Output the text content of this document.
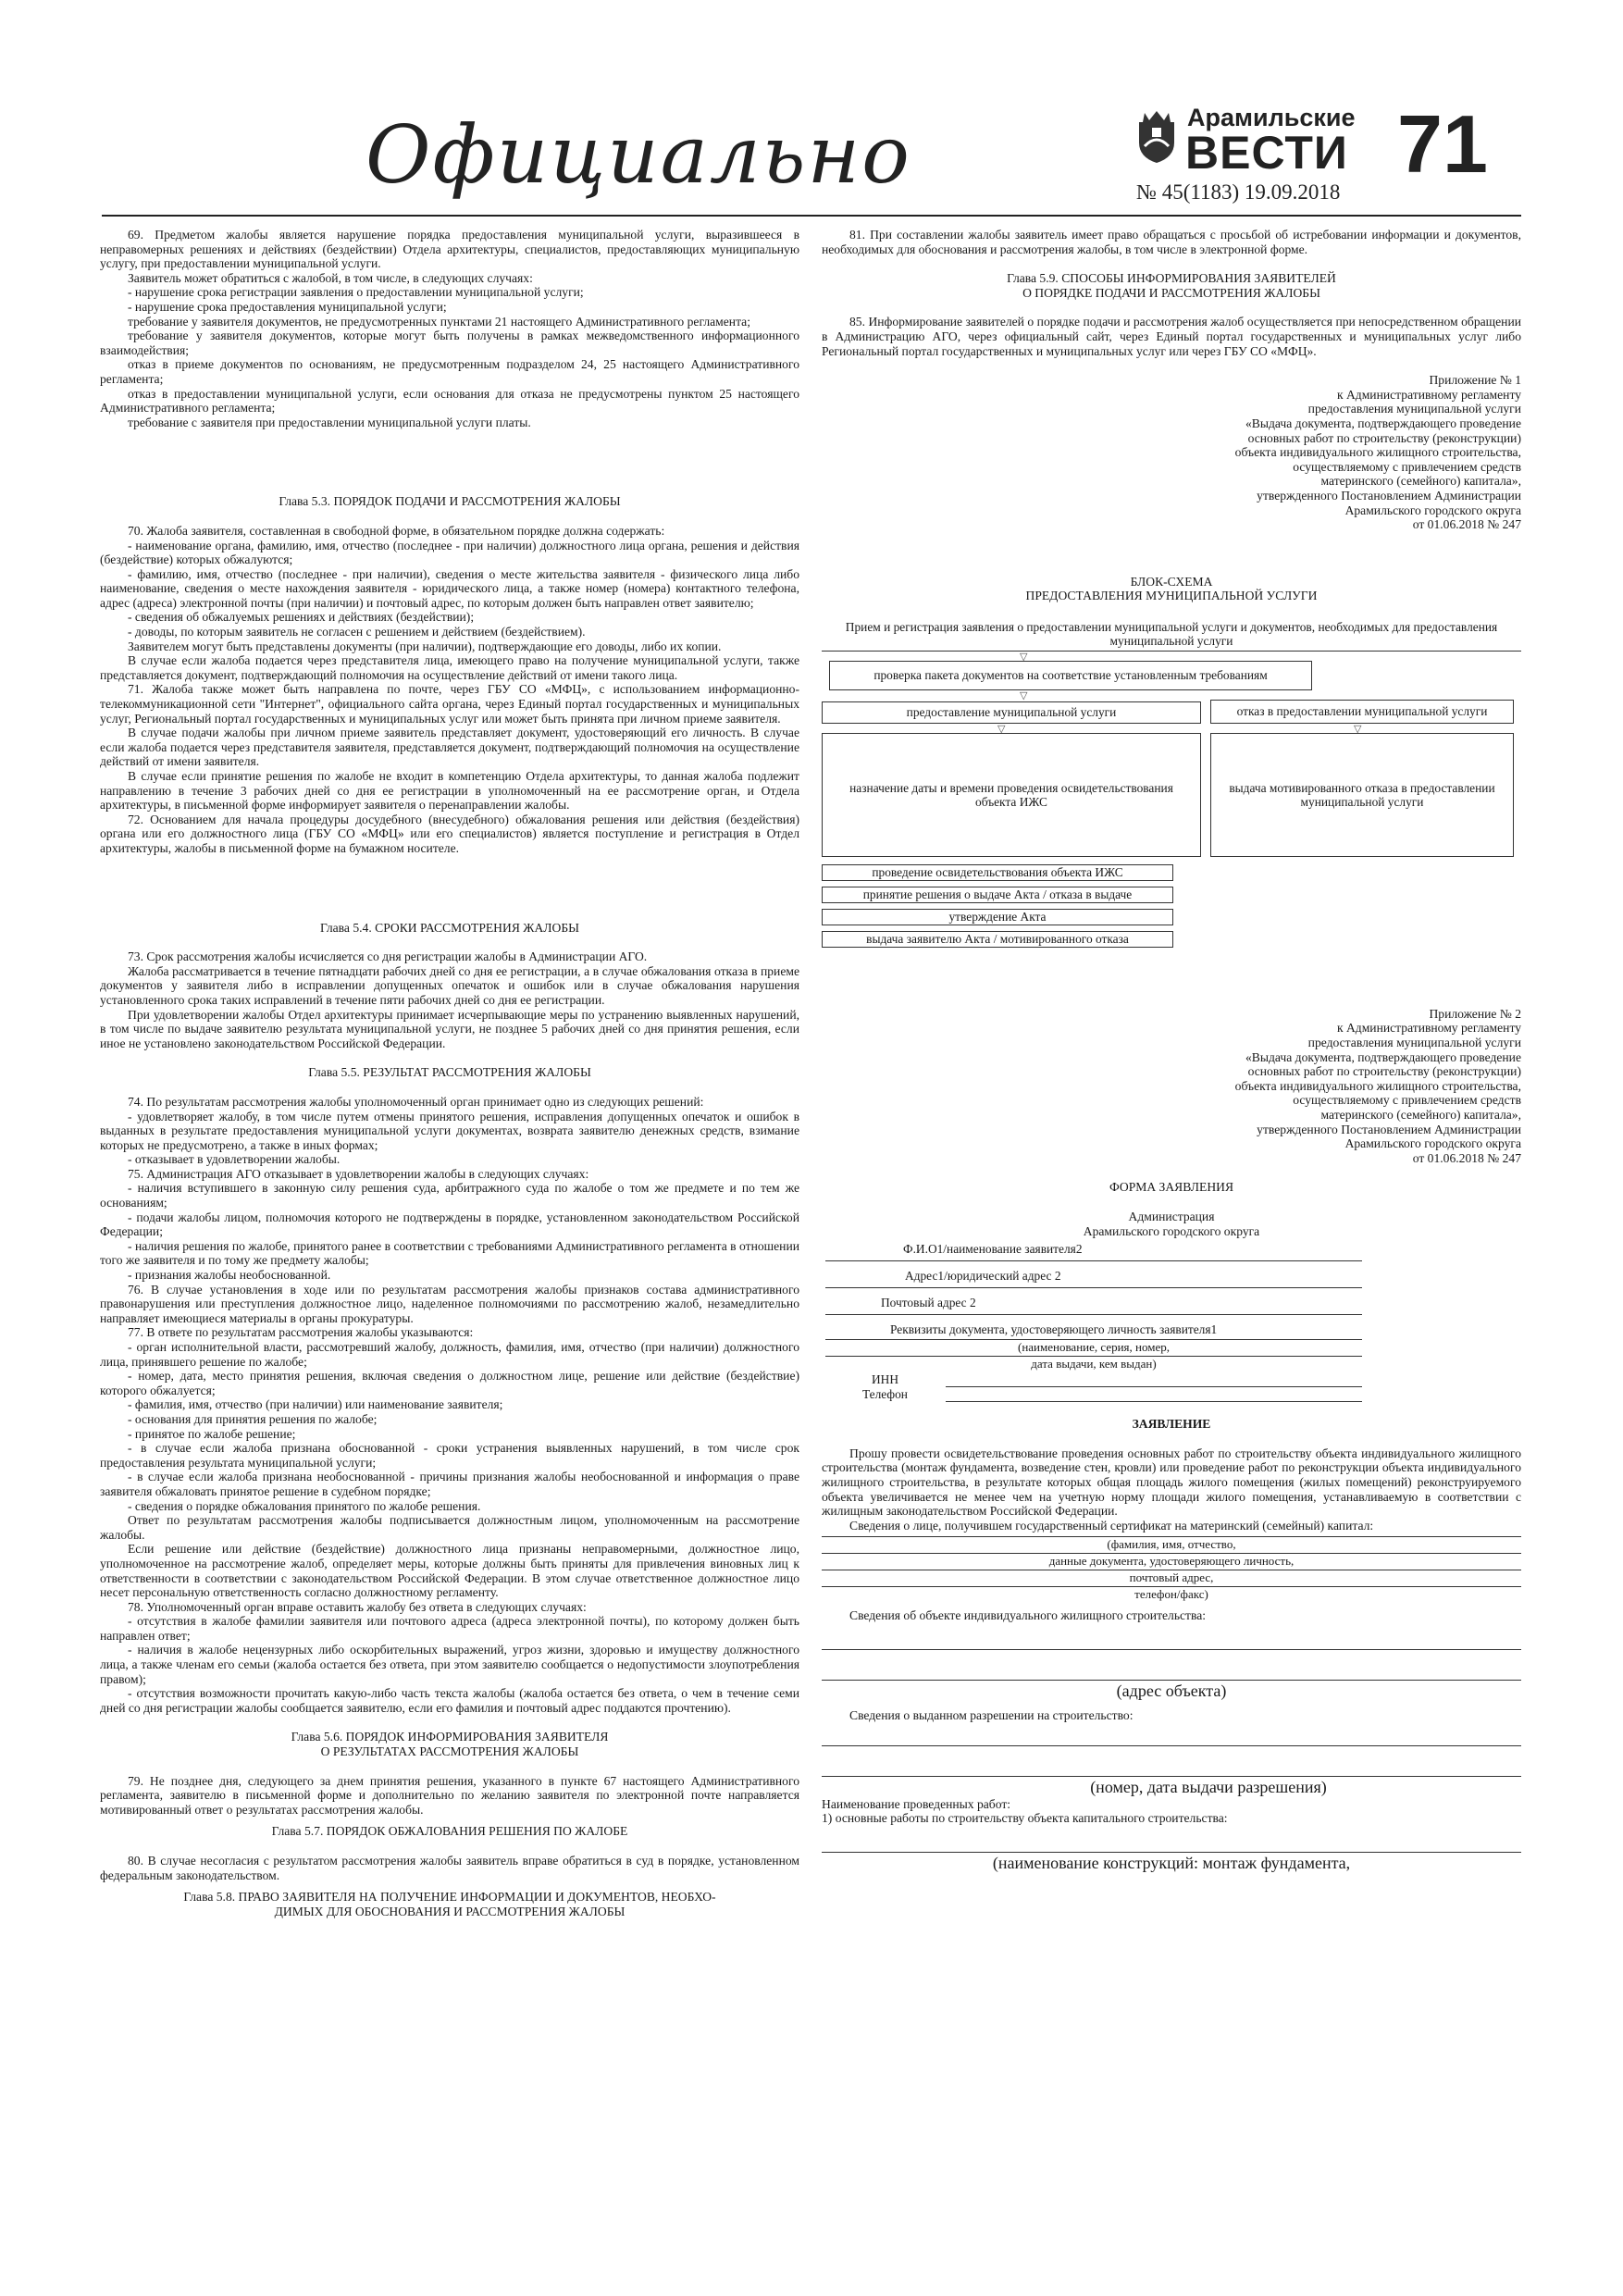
Официально	Арамильские
ВЕСТИ 71
№ 45(1183) 19.09.2018

69. Предметом жалобы является нарушение порядка предоставления муниципальной услуги, выразившееся в неправомерных решениях и действиях (бездействии) Отдела архитектуры, специалистов, предоставляющих муниципальную услугу, при предоставлении муниципальной услуги.

Заявитель может обратиться с жалобой, в том числе, в следующих случаях:

- нарушение срока регистрации заявления о предоставлении муниципальной услуги;

- нарушение срока предоставления муниципальной услуги;

требование у заявителя документов, не предусмотренных пунктами 21 настоящего Административного регламента;

требование у заявителя документов, которые могут быть получены в рамках межведомственного информационного взаимодействия;

отказ в приеме документов по основаниям, не предусмотренным подразделом 24, 25 настоящего Административного регламента;

отказ в предоставлении муниципальной услуги, если основания для отказа не предусмотрены пунктом 25 настоящего Административного регламента;

требование с заявителя при предоставлении муниципальной услуги платы.

Глава 5.3. ПОРЯДОК ПОДАЧИ И РАССМОТРЕНИЯ ЖАЛОБЫ

70. Жалоба заявителя, составленная в свободной форме, в обязательном порядке должна содержать:

- наименование органа, фамилию, имя, отчество (последнее - при наличии) должностного лица органа, решения и действия (бездействие) которых обжалуются;

- фамилию, имя, отчество (последнее - при наличии), сведения о месте жительства заявителя - физического лица либо наименование, сведения о месте нахождения заявителя - юридического лица, а также номер (номера) контактного телефона, адрес (адреса) электронной почты (при наличии) и почтовый адрес, по которым должен быть направлен ответ заявителю;

- сведения об обжалуемых решениях и действиях (бездействии);

- доводы, по которым заявитель не согласен с решением и действием (бездействием).

Заявителем могут быть представлены документы (при наличии), подтверждающие его доводы, либо их копии.

В случае если жалоба подается через представителя лица, имеющего право на получение муниципальной услуги, также представляется документ, подтверждающий полномочия на осуществление действий от имени такого лица.

71. Жалоба также может быть направлена по почте, через ГБУ СО «МФЦ», с использованием информационно-телекоммуникационной сети "Интернет", официального сайта органа, через Единый портал государственных и муниципальных услуг, Региональный портал государственных и муниципальных услуг или может быть принята при личном приеме заявителя.

В случае подачи жалобы при личном приеме заявитель представляет документ, удостоверяющий его личность. В случае если жалоба подается через представителя заявителя, представляется документ, подтверждающий полномочия на осуществление действий от имени заявителя.

В случае если принятие решения по жалобе не входит в компетенцию Отдела архитектуры, то данная жалоба подлежит направлению в течение 3 рабочих дней со дня ее регистрации в уполномоченный на ее рассмотрение орган, и Отдела архитектуры, в письменной форме информирует заявителя о перенаправлении жалобы.

72. Основанием для начала процедуры досудебного (внесудебного) обжалования решения или действия (бездействия) органа или его должностного лица (ГБУ СО «МФЦ» или его специалистов) является поступление и регистрация в Отдел архитектуры, жалобы в письменной форме на бумажном носителе.

Глава 5.4. СРОКИ РАССМОТРЕНИЯ ЖАЛОБЫ

73. Срок рассмотрения жалобы исчисляется со дня регистрации жалобы в Администрации АГО.

Жалоба рассматривается в течение пятнадцати рабочих дней со дня ее регистрации, а в случае обжалования отказа в приеме документов у заявителя либо в исправлении допущенных опечаток и ошибок или в случае обжалования нарушения установленного срока таких исправлений в течение пяти рабочих дней со дня ее регистрации.

При удовлетворении жалобы Отдел архитектуры принимает исчерпывающие меры по устранению выявленных нарушений, в том числе по выдаче заявителю результата муниципальной услуги, не позднее 5 рабочих дней со дня принятия решения, если иное не установлено законодательством Российской Федерации.

Глава 5.5. РЕЗУЛЬТАТ РАССМОТРЕНИЯ ЖАЛОБЫ

74. По результатам рассмотрения жалобы уполномоченный орган принимает одно из следующих решений:

- удовлетворяет жалобу, в том числе путем отмены принятого решения, исправления допущенных опечаток и ошибок в выданных в результате предоставления муниципальной услуги документах, возврата заявителю денежных средств, взимание которых не предусмотрено, а также в иных формах;

- отказывает в удовлетворении жалобы.

75. Администрация АГО отказывает в удовлетворении жалобы в следующих случаях:

- наличия вступившего в законную силу решения суда, арбитражного суда по жалобе о том же предмете и по тем же основаниям;

- подачи жалобы лицом, полномочия которого не подтверждены в порядке, установленном законодательством Российской Федерации;

- наличия решения по жалобе, принятого ранее в соответствии с требованиями Административного регламента в отношении того же заявителя и по тому же предмету жалобы;

- признания жалобы необоснованной.

76. В случае установления в ходе или по результатам рассмотрения жалобы признаков состава административного правонарушения или преступления должностное лицо, наделенное полномочиями по рассмотрению жалоб, незамедлительно направляет имеющиеся материалы в органы прокуратуры.

77. В ответе по результатам рассмотрения жалобы указываются:

- орган исполнительной власти, рассмотревший жалобу, должность, фамилия, имя, отчество (при наличии) должностного лица, принявшего решение по жалобе;

- номер, дата, место принятия решения, включая сведения о должностном лице, решение или действие (бездействие) которого обжалуется;

- фамилия, имя, отчество (при наличии) или наименование заявителя;

- основания для принятия решения по жалобе;

- принятое по жалобе решение;

- в случае если жалоба признана обоснованной - сроки устранения выявленных нарушений, в том числе срок предоставления результата муниципальной услуги;

- в случае если жалоба признана необоснованной - причины признания жалобы необоснованной и информация о праве заявителя обжаловать принятое решение в судебном порядке;

- сведения о порядке обжалования принятого по жалобе решения.

Ответ по результатам рассмотрения жалобы подписывается должностным лицом, уполномоченным на рассмотрение жалобы.

Если решение или действие (бездействие) должностного лица признаны неправомерными, должностное лицо, уполномоченное на рассмотрение жалоб, определяет меры, которые должны быть приняты для привлечения виновных лиц к ответственности в соответствии с законодательством Российской Федерации. В этом случае ответственное должностное лицо несет персональную ответственность согласно должностному регламенту.

78. Уполномоченный орган вправе оставить жалобу без ответа в следующих случаях:

- отсутствия в жалобе фамилии заявителя или почтового адреса (адреса электронной почты), по которому должен быть направлен ответ;

- наличия в жалобе нецензурных либо оскорбительных выражений, угроз жизни, здоровью и имуществу должностного лица, а также членам его семьи (жалоба остается без ответа, при этом заявителю сообщается о недопустимости злоупотребления правом);

- отсутствия возможности прочитать какую-либо часть текста жалобы (жалоба остается без ответа, о чем в течение семи дней со дня регистрации жалобы сообщается заявителю, если его фамилия и почтовый адрес поддаются прочтению).

Глава 5.6. ПОРЯДОК ИНФОРМИРОВАНИЯ ЗАЯВИТЕЛЯ

О РЕЗУЛЬТАТАХ РАССМОТРЕНИЯ ЖАЛОБЫ

79. Не позднее дня, следующего за днем принятия решения, указанного в пункте 67 настоящего Административного регламента, заявителю в письменной форме и дополнительно по желанию заявителя по электронной почте направляется мотивированный ответ о результатах рассмотрения жалобы.

Глава 5.7. ПОРЯДОК ОБЖАЛОВАНИЯ РЕШЕНИЯ ПО ЖАЛОБЕ

80. В случае несогласия с результатом рассмотрения жалобы заявитель вправе обратиться в суд в порядке, установленном федеральным законодательством.

Глава 5.8. ПРАВО ЗАЯВИТЕЛЯ НА ПОЛУЧЕНИЕ ИНФОРМАЦИИ И ДОКУМЕНТОВ, НЕОБХО-

ДИМЫХ ДЛЯ ОБОСНОВАНИЯ И РАССМОТРЕНИЯ ЖАЛОБЫ

81. При составлении жалобы заявитель имеет право обращаться с просьбой об истребовании информации и документов, необходимых для обоснования и рассмотрения жалобы, в том числе в электронной форме.

Глава 5.9. СПОСОБЫ ИНФОРМИРОВАНИЯ ЗАЯВИТЕЛЕЙ

О ПОРЯДКЕ ПОДАЧИ И РАССМОТРЕНИЯ ЖАЛОБЫ

85. Информирование заявителей о порядке подачи и рассмотрения жалоб осуществляется при непосредственном обращении в Администрацию АГО, через официальный сайт, через Единый портал государственных и муниципальных услуг либо Региональный портал государственных и муниципальных услуг или через ГБУ СО «МФЦ».

Приложение № 1

к Административному регламенту

предоставления муниципальной услуги

«Выдача документа, подтверждающего проведение

основных работ по строительству (реконструкции)

объекта индивидуального жилищного строительства,

осуществляемому с привлечением средств

материнского (семейного) капитала»,

утвержденного Постановлением Администрации

Арамильского городского округа

от 01.06.2018 № 247

БЛОК-СХЕМА

ПРЕДОСТАВЛЕНИЯ МУНИЦИПАЛЬНОЙ УСЛУГИ

Прием и регистрация заявления о предоставлении муниципальной услуги и документов, необходимых для предоставления муниципальной услуги
▽
проверка пакета документов на соответствие установленным требованиям
▽
предоставление муниципальной услуги	отказ в предоставлении муниципальной услуги
▽	▽
назначение даты и времени проведения освидетельствования объекта ИЖС
выдача мотивированного отказа в предоставлении муниципальной услуги
проведение освидетельствования объекта ИЖС
принятие решения о выдаче Акта / отказа в выдаче
утверждение Акта
выдача заявителю Акта / мотивированного отказа

Приложение № 2

к Административному регламенту

предоставления муниципальной услуги

«Выдача документа, подтверждающего проведение

основных работ по строительству (реконструкции)

объекта индивидуального жилищного строительства,

осуществляемому с привлечением средств

материнского (семейного) капитала»,

утвержденного Постановлением Администрации

Арамильского городского округа

от 01.06.2018 № 247

ФОРМА ЗАЯВЛЕНИЯ

Администрация

Арамильского городского округа

Ф.И.О1/наименование заявителя2
Адрес1/юридический адрес 2
Почтовый адрес 2
Реквизиты документа, удостоверяющего личность заявителя1
(наименование, серия, номер,
дата выдачи, кем выдан)
ИНН
Телефон

ЗАЯВЛЕНИЕ

Прошу провести освидетельствование проведения основных работ по строительству объекта индивидуального жилищного строительства (монтаж фундамента, возведение стен, кровли) или проведение работ по реконструкции объекта индивидуального жилищного строительства, в результате которых общая площадь жилого помещения (жилых помещений) реконструируемого объекта увеличивается не менее чем на учетную норму площади жилого помещения, устанавливаемую в соответствии с жилищным законодательством Российской Федерации.

Сведения о лице, получившем государственный сертификат на материнский (семейный) капитал:

(фамилия, имя, отчество,
данные документа, удостоверяющего личность,
почтовый адрес,
телефон/факс)

Сведения об объекте индивидуального жилищного строительства:

(адрес объекта)

Сведения о выданном разрешении на строительство:

(номер, дата выдачи разрешения)

Наименование проведенных работ:

1) основные работы по строительству объекта капитального строительства:

(наименование конструкций: монтаж фундамента,
